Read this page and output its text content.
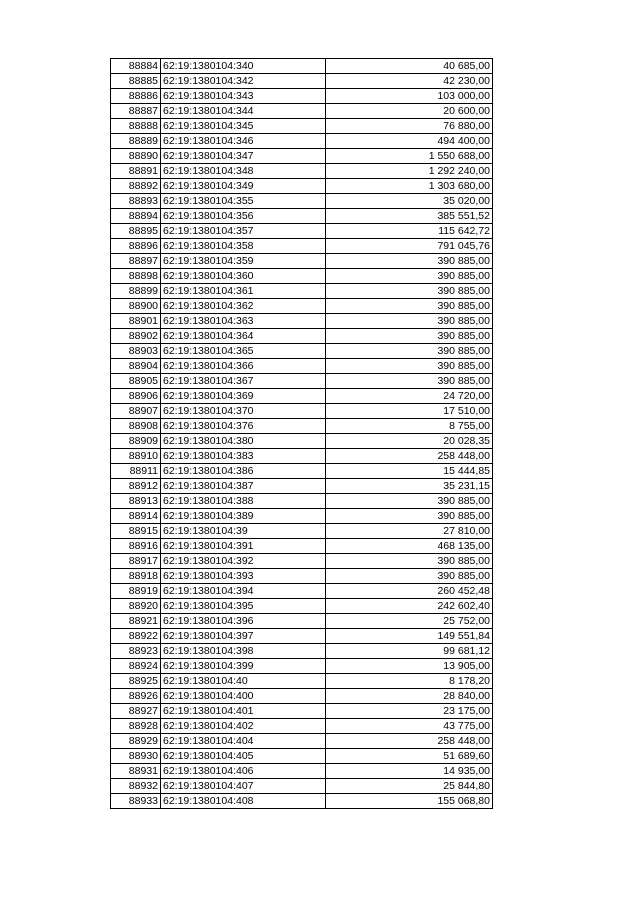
88884	62:19:1380104:340	40 685,00
88885	62:19:1380104:342	42 230,00
88886	62:19:1380104:343	103 000,00
88887	62:19:1380104:344	20 600,00
88888	62:19:1380104:345	76 880,00
88889	62:19:1380104:346	494 400,00
88890	62:19:1380104:347	1 550 688,00
88891	62:19:1380104:348	1 292 240,00
88892	62:19:1380104:349	1 303 680,00
88893	62:19:1380104:355	35 020,00
88894	62:19:1380104:356	385 551,52
88895	62:19:1380104:357	115 642,72
88896	62:19:1380104:358	791 045,76
88897	62:19:1380104:359	390 885,00
88898	62:19:1380104:360	390 885,00
88899	62:19:1380104:361	390 885,00
88900	62:19:1380104:362	390 885,00
88901	62:19:1380104:363	390 885,00
88902	62:19:1380104:364	390 885,00
88903	62:19:1380104:365	390 885,00
88904	62:19:1380104:366	390 885,00
88905	62:19:1380104:367	390 885,00
88906	62:19:1380104:369	24 720,00
88907	62:19:1380104:370	17 510,00
88908	62:19:1380104:376	8 755,00
88909	62:19:1380104:380	20 028,35
88910	62:19:1380104:383	258 448,00
88911	62:19:1380104:386	15 444,85
88912	62:19:1380104:387	35 231,15
88913	62:19:1380104:388	390 885,00
88914	62:19:1380104:389	390 885,00
88915	62:19:1380104:39	27 810,00
88916	62:19:1380104:391	468 135,00
88917	62:19:1380104:392	390 885,00
88918	62:19:1380104:393	390 885,00
88919	62:19:1380104:394	260 452,48
88920	62:19:1380104:395	242 602,40
88921	62:19:1380104:396	25 752,00
88922	62:19:1380104:397	149 551,84
88923	62:19:1380104:398	99 681,12
88924	62:19:1380104:399	13 905,00
88925	62:19:1380104:40	8 178,20
88926	62:19:1380104:400	28 840,00
88927	62:19:1380104:401	23 175,00
88928	62:19:1380104:402	43 775,00
88929	62:19:1380104:404	258 448,00
88930	62:19:1380104:405	51 689,60
88931	62:19:1380104:406	14 935,00
88932	62:19:1380104:407	25 844,80
88933	62:19:1380104:408	155 068,80
